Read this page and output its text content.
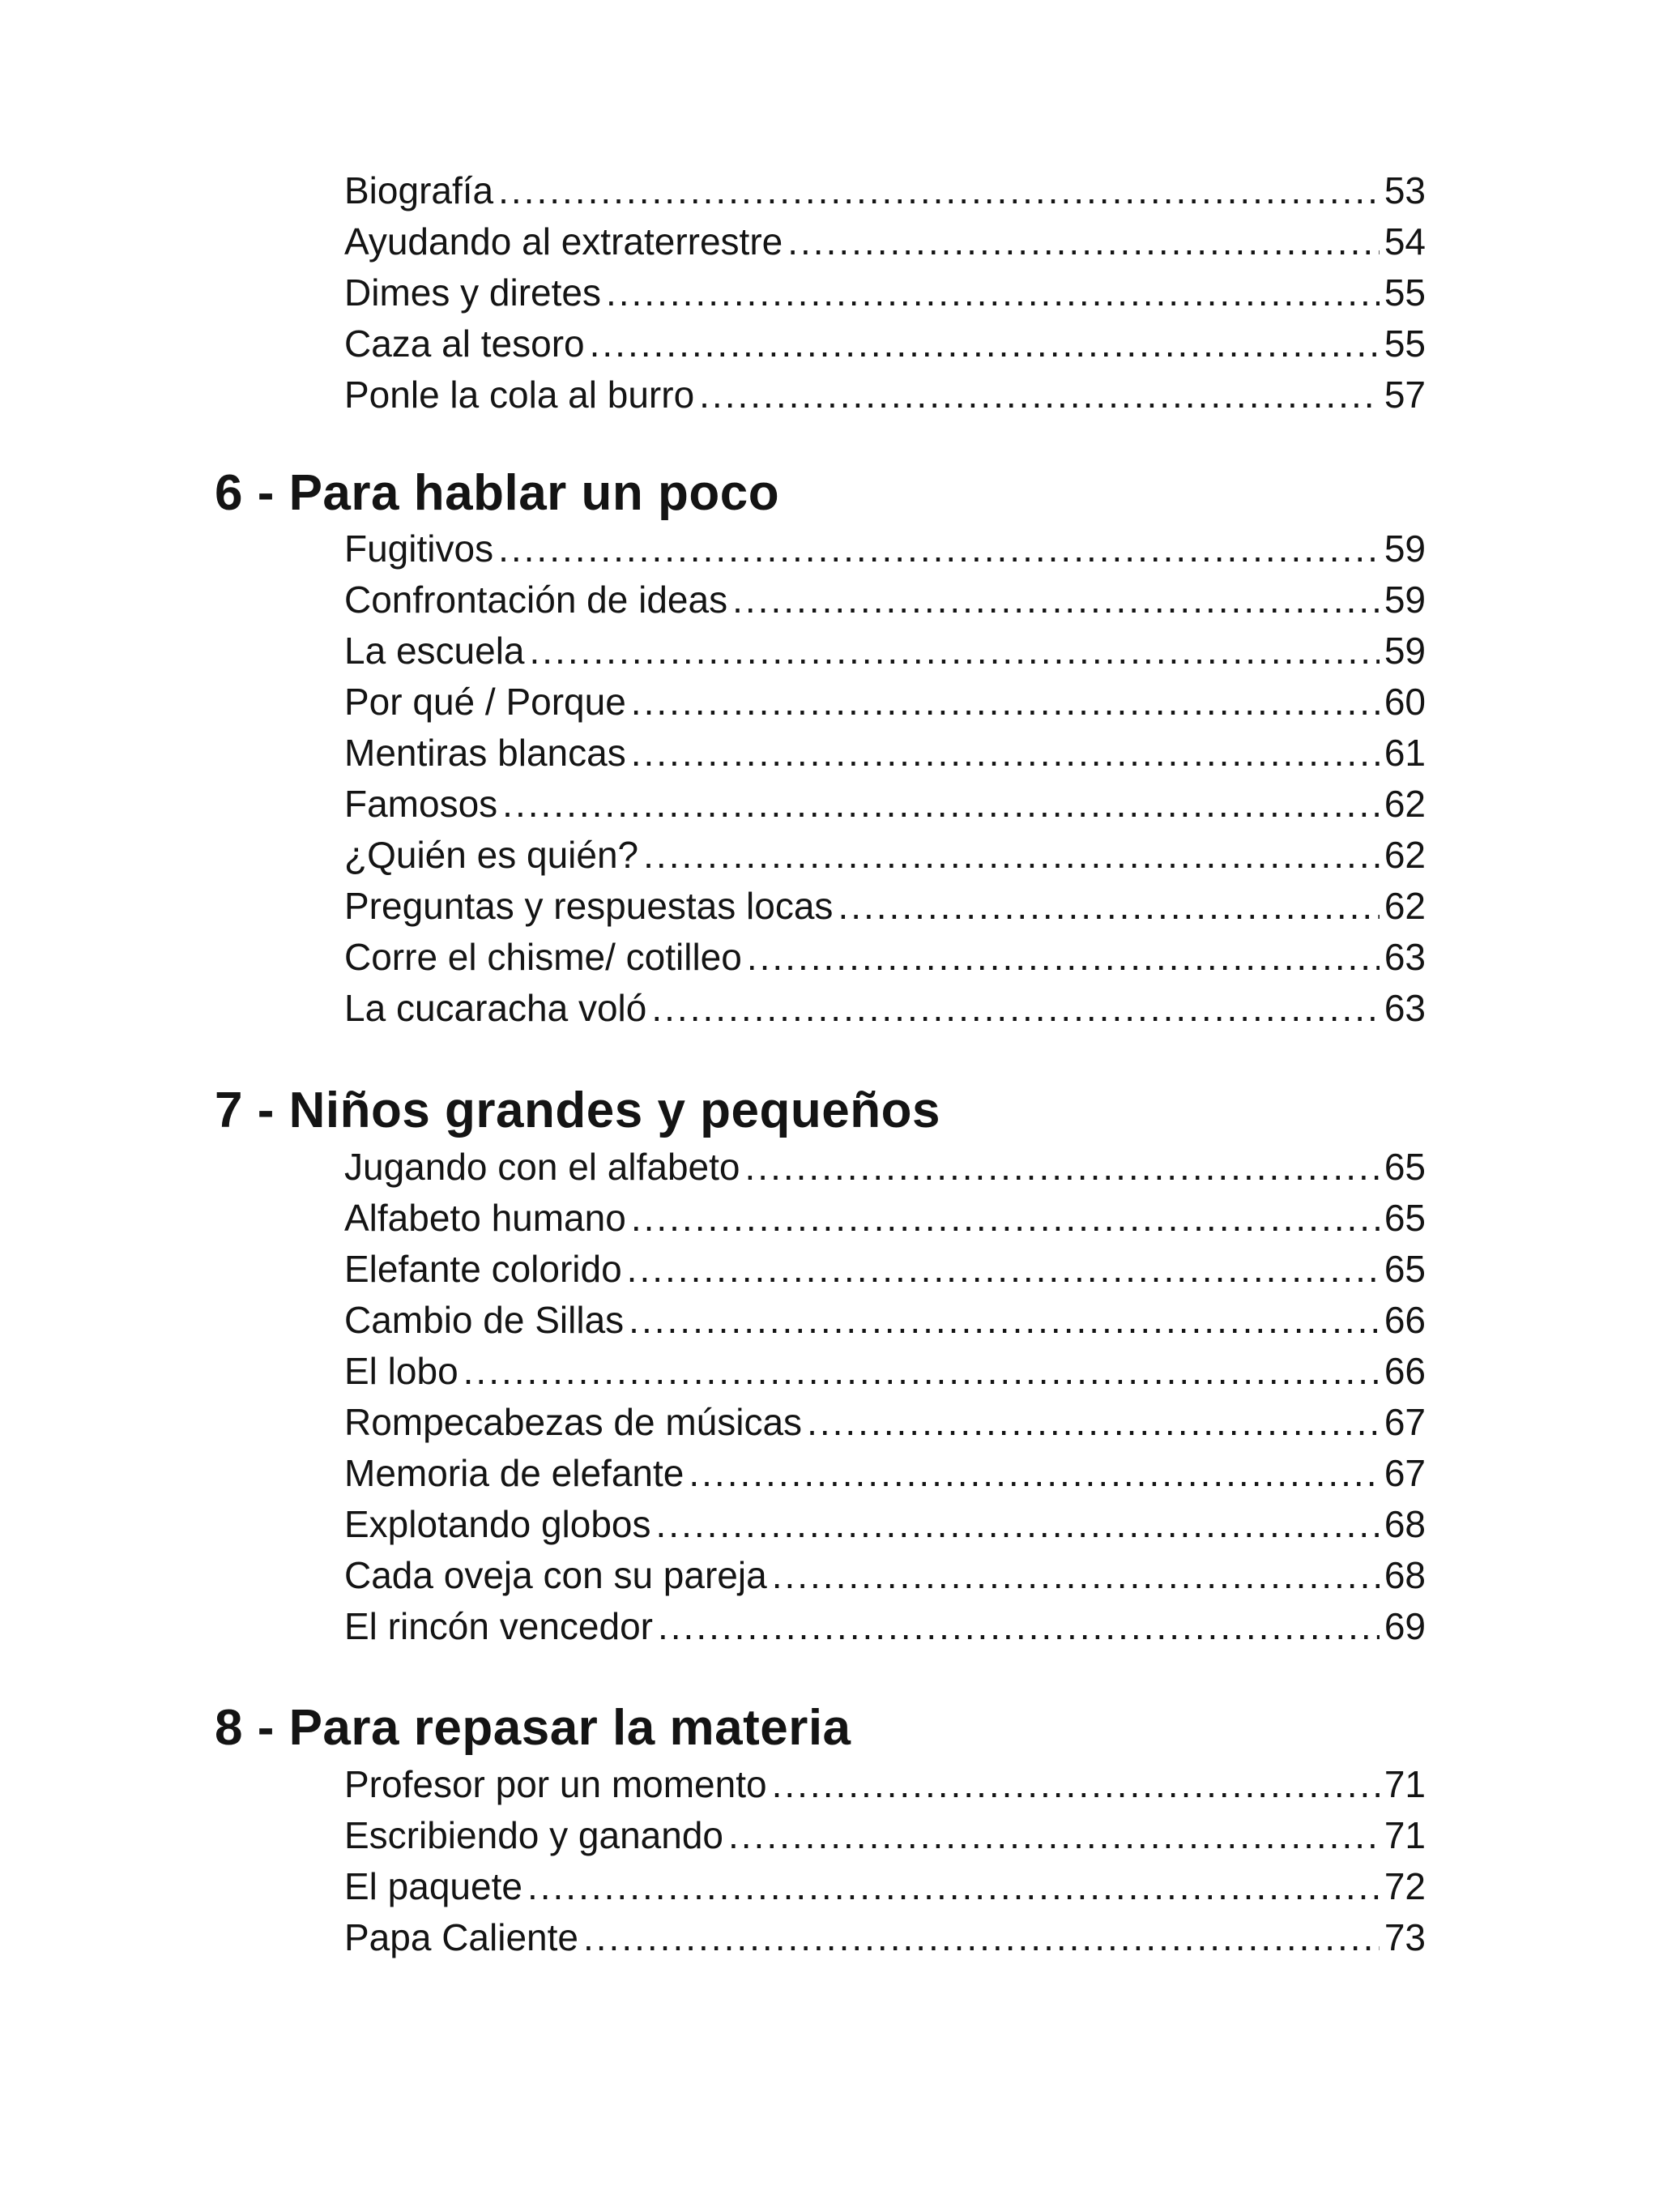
Biografía .....	53
Ayudando al extraterrestre .....	54
Dimes y diretes .....	55
Caza al tesoro .....	55
Ponle la cola al burro .....	57
6 - Para hablar un poco
Fugitivos .....	59
Confrontación de ideas .....	59
La escuela .....	59
Por qué / Porque .....	60
Mentiras blancas .....	61
Famosos .....	62
¿Quién es quién? .....	62
Preguntas y respuestas locas .....	62
Corre el chisme/ cotilleo .....	63
La cucaracha voló .....	63
7 - Niños grandes y pequeños
Jugando con el alfabeto .....	65
Alfabeto humano .....	65
Elefante colorido .....	65
Cambio de Sillas .....	66
El lobo .....	66
Rompecabezas de músicas .....	67
Memoria de elefante .....	67
Explotando globos .....	68
Cada oveja con su pareja .....	68
El rincón vencedor .....	69
8 - Para repasar la materia
Profesor por un momento .....	71
Escribiendo y ganando .....	71
El paquete .....	72
Papa Caliente .....	73
